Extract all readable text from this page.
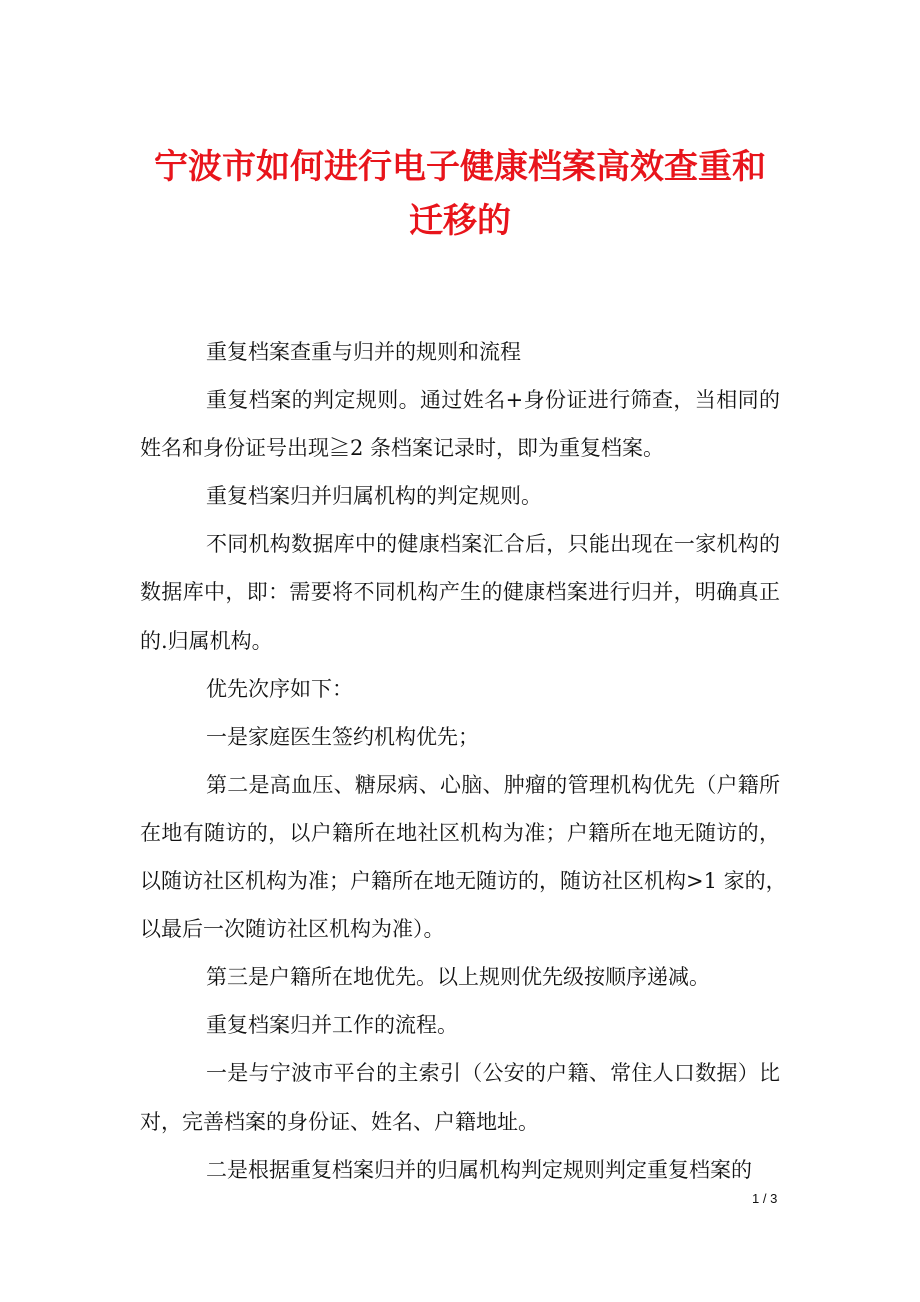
宁波市如何进行电子健康档案高效查重和
迁移的
重复档案查重与归并的规则和流程
重复档案的判定规则。通过姓名+身份证进行筛查，当相同的
姓名和身份证号出现≧2 条档案记录时，即为重复档案。
重复档案归并归属机构的判定规则。
不同机构数据库中的健康档案汇合后，只能出现在一家机构的
数据库中，即：需要将不同机构产生的健康档案进行归并，明确真正
的.归属机构。
优先次序如下：
一是家庭医生签约机构优先；
第二是高血压、糖尿病、心脑、肿瘤的管理机构优先（户籍所
在地有随访的，以户籍所在地社区机构为准；户籍所在地无随访的，
以随访社区机构为准；户籍所在地无随访的，随访社区机构>1 家的，
以最后一次随访社区机构为准）。
第三是户籍所在地优先。以上规则优先级按顺序递减。
重复档案归并工作的流程。
一是与宁波市平台的主索引（公安的户籍、常住人口数据）比
对，完善档案的身份证、姓名、户籍地址。
二是根据重复档案归并的归属机构判定规则判定重复档案的
1 / 3
